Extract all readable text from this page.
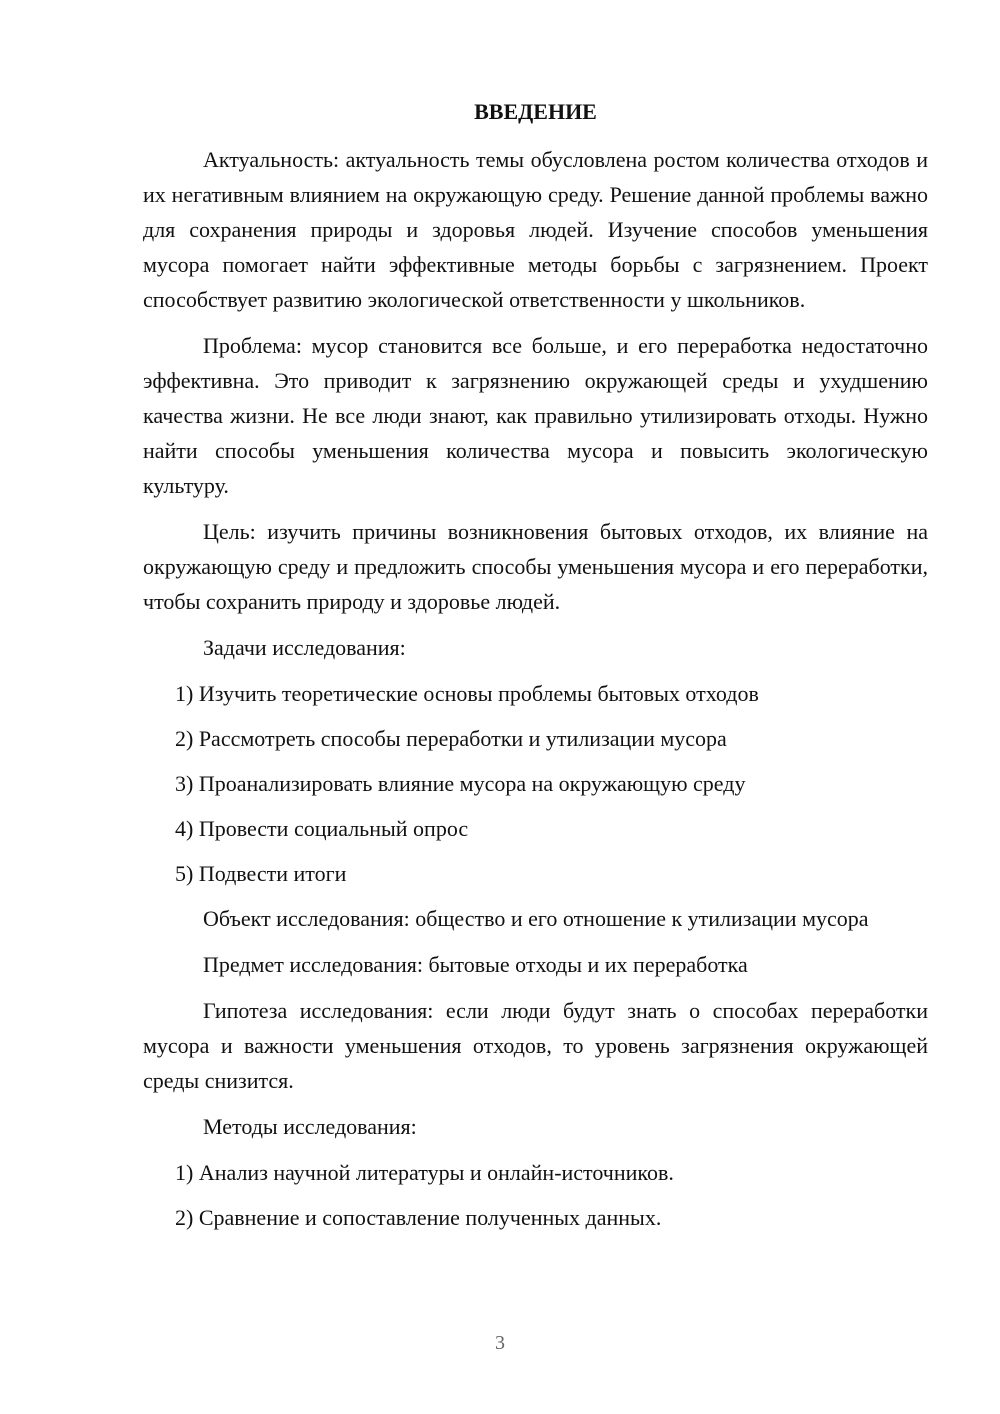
ВВЕДЕНИЕ

Актуальность: актуальность темы обусловлена ростом количества отходов и их негативным влиянием на окружающую среду. Решение данной проблемы важно для сохранения природы и здоровья людей. Изучение способов уменьшения мусора помогает найти эффективные методы борьбы с загрязнением. Проект способствует развитию экологической ответственности у школьников.

Проблема: мусор становится все больше, и его переработка недостаточно эффективна. Это приводит к загрязнению окружающей среды и ухудшению качества жизни. Не все люди знают, как правильно утилизировать отходы. Нужно найти способы уменьшения количества мусора и повысить экологическую культуру.

Цель: изучить причины возникновения бытовых отходов, их влияние на окружающую среду и предложить способы уменьшения мусора и его переработки, чтобы сохранить природу и здоровье людей.

Задачи исследования:
1) Изучить теоретические основы проблемы бытовых отходов
2) Рассмотреть способы переработки и утилизации мусора
3) Проанализировать влияние мусора на окружающую среду
4) Провести социальный опрос
5) Подвести итоги

Объект исследования: общество и его отношение к утилизации мусора

Предмет исследования: бытовые отходы и их переработка

Гипотеза исследования: если люди будут знать о способах переработки мусора и важности уменьшения отходов, то уровень загрязнения окружающей среды снизится.

Методы исследования:
1) Анализ научной литературы и онлайн-источников.
2) Сравнение и сопоставление полученных данных.
3
